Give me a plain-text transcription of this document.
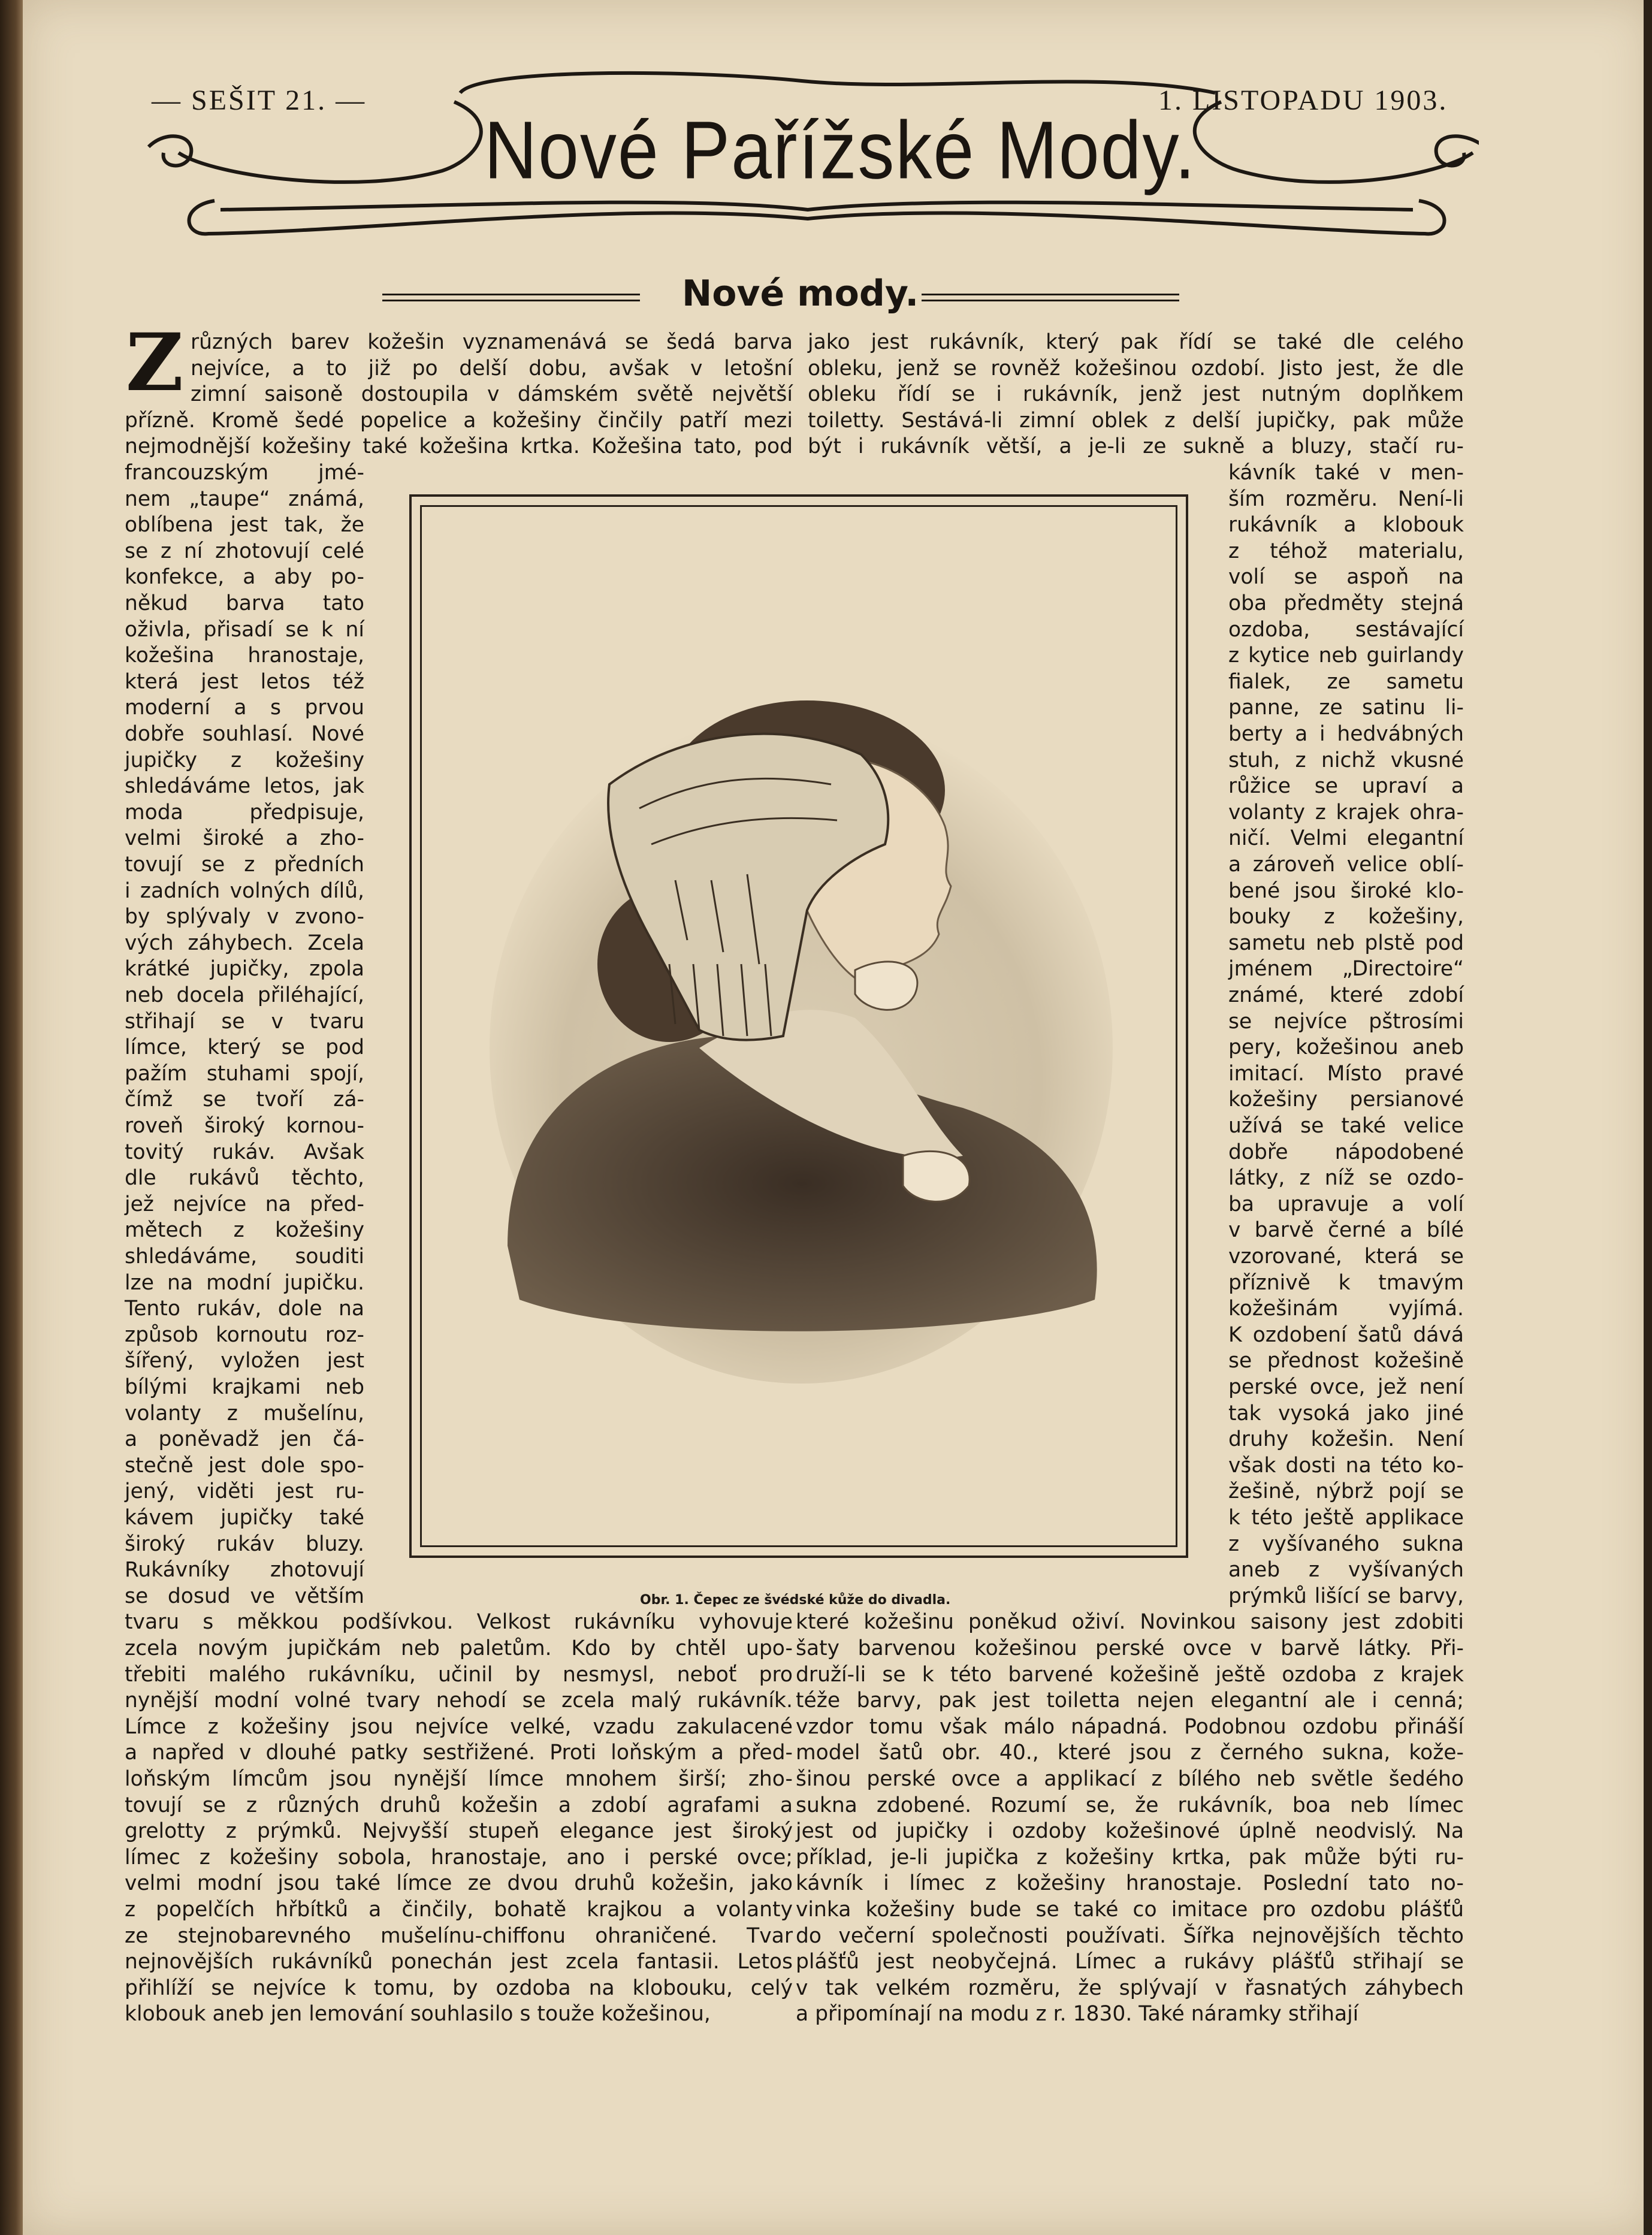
— SEŠIT 21. —	1. LISTOPADU 1903.
Nové Pařížské Mody.
Nové mody.
Z různých barev kožešin vyznamenává se šedá barva
nejvíce, a to již po delší dobu, avšak v letošní
zimní saisoně dostoupila v dámském světě největší
přízně. Kromě šedé popelice a kožešiny činčily patří mezi
nejmodnější kožešiny také kožešina krtka. Kožešina tato, pod
francouzským jmé-
nem „taupe“ známá,
oblíbena jest tak, že
se z ní zhotovují celé
konfekce, a aby po-
někud barva tato
oživla, přisadí se k ní
kožešina hranostaje,
která jest letos též
moderní a s prvou
dobře souhlasí. Nové
jupičky z kožešiny
shledáváme letos, jak
moda předpisuje,
velmi široké a zho-
tovují se z předních
i zadních volných dílů,
by splývaly v zvono-
vých záhybech. Zcela
krátké jupičky, zpola
neb docela přiléhající,
střihají se v tvaru
límce, který se pod
pažím stuhami spojí,
čímž se tvoří zá-
roveň široký kornou-
tovitý rukáv. Avšak
dle rukávů těchto,
jež nejvíce na před-
mětech z kožešiny
shledáváme, souditi
lze na modní jupičku.
Tento rukáv, dole na
způsob kornoutu roz-
šířený, vyložen jest
bílými krajkami neb
volanty z mušelínu,
a poněvadž jen čá-
stečně jest dole spo-
jený, viděti jest ru-
kávem jupičky také
široký rukáv bluzy.
Rukávníky zhotovují
se dosud ve větším
tvaru s měkkou podšívkou. Velkost rukávníku vyhovuje
zcela novým jupičkám neb paletům. Kdo by chtěl upo-
třebiti malého rukávníku, učinil by nesmysl, neboť pro
nynější modní volné tvary nehodí se zcela malý rukávník.
Límce z kožešiny jsou nejvíce velké, vzadu zakulacené
a napřed v dlouhé patky sestřižené. Proti loňským a před-
loňským límcům jsou nynější límce mnohem širší; zho-
tovují se z různých druhů kožešin a zdobí agrafami a
grelotty z prýmků. Nejvyšší stupeň elegance jest široký
límec z kožešiny sobola, hranostaje, ano i perské ovce;
velmi modní jsou také límce ze dvou druhů kožešin, jako
z popelčích hřbítků a činčily, bohatě krajkou a volanty
ze stejnobarevného mušelínu-chiffonu ohraničené. Tvar
nejnovějších rukávníků ponechán jest zcela fantasii. Letos
přihlíží se nejvíce k tomu, by ozdoba na klobouku, celý
klobouk aneb jen lemování souhlasilo s touže kožešinou,
jako jest rukávník, který pak řídí se také dle celého
obleku, jenž se rovněž kožešinou ozdobí. Jisto jest, že dle
obleku řídí se i rukávník, jenž jest nutným doplňkem
toiletty. Sestává-li zimní oblek z delší jupičky, pak může
být i rukávník větší, a je-li ze sukně a bluzy, stačí ru-
kávník také v men-
ším rozměru. Není-li
rukávník a klobouk
z téhož materialu,
volí se aspoň na
oba předměty stejná
ozdoba, sestávající
z kytice neb guirlandy
fialek, ze sametu
panne, ze satinu li-
berty a i hedvábných
stuh, z nichž vkusné
růžice se upraví a
volanty z krajek ohra-
ničí. Velmi elegantní
a zároveň velice oblí-
bené jsou široké klo-
bouky z kožešiny,
sametu neb plstě pod
jménem „Directoire“
známé, které zdobí
se nejvíce pštrosími
pery, kožešinou aneb
imitací. Místo pravé
kožešiny persianové
užívá se také velice
dobře nápodobené
látky, z níž se ozdo-
ba upravuje a volí
v barvě černé a bílé
vzorované, která se
příznivě k tmavým
kožešinám vyjímá.
K ozdobení šatů dává
se přednost kožešině
perské ovce, jež není
tak vysoká jako jiné
druhy kožešin. Není
však dosti na této ko-
žešině, nýbrž pojí se
k této ještě applikace
z vyšívaného sukna
aneb z vyšívaných
prýmků lišící se barvy,
které kožešinu poněkud oživí. Novinkou saisony jest zdobiti
šaty barvenou kožešinou perské ovce v barvě látky. Při-
druží-li se k této barvené kožešině ještě ozdoba z krajek
téže barvy, pak jest toiletta nejen elegantní ale i cenná;
vzdor tomu však málo nápadná. Podobnou ozdobu přináší
model šatů obr. 40., které jsou z černého sukna, kože-
šinou perské ovce a applikací z bílého neb světle šedého
sukna zdobené. Rozumí se, že rukávník, boa neb límec
jest od jupičky i ozdoby kožešinové úplně neodvislý. Na
příklad, je-li jupička z kožešiny krtka, pak může býti ru-
kávník i límec z kožešiny hranostaje. Poslední tato no-
vinka kožešiny bude se také co imitace pro ozdobu plášťů
do večerní společnosti používati. Šířka nejnovějších těchto
plášťů jest neobyčejná. Límec a rukávy plášťů střihají se
v tak velkém rozměru, že splývají v řasnatých záhybech
a připomínají na modu z r. 1830. Také náramky střihají
Obr. 1. Čepec ze švédské kůže do divadla.
